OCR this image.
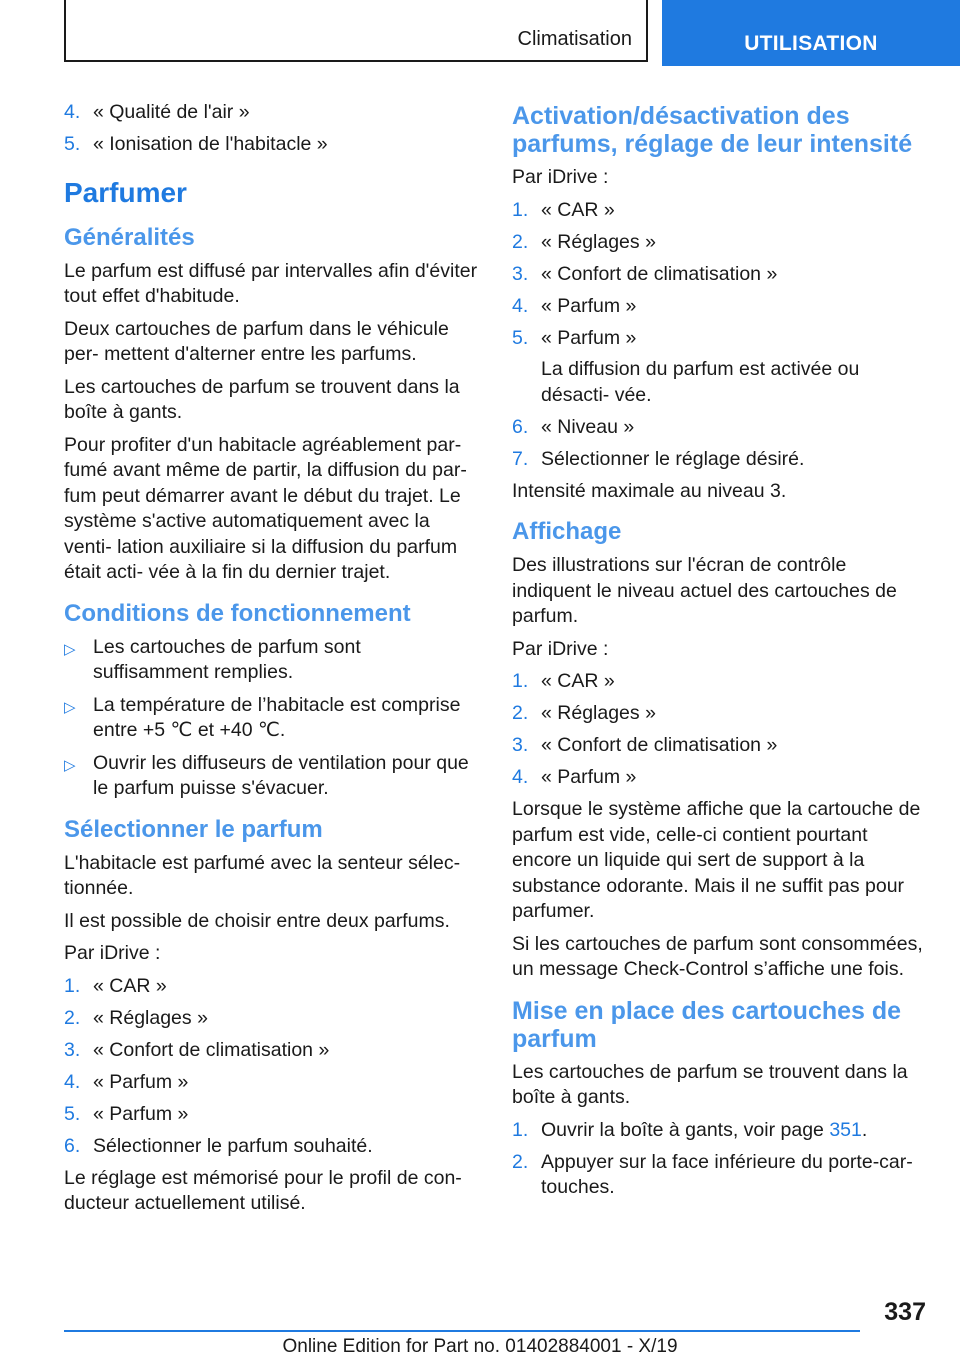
Climatisation	UTILISATION
4. « Qualité de l'air »
5. « Ionisation de l'habitacle »
Parfumer
Généralités

Le parfum est diffusé par intervalles afin d'éviter tout effet d'habitude.

Deux cartouches de parfum dans le véhicule per- mettent d'alterner entre les parfums.

Les cartouches de parfum se trouvent dans la boîte à gants.

Pour profiter d'un habitacle agréablement par- fumé avant même de partir, la diffusion du par- fum peut démarrer avant le début du trajet. Le système s'active automatiquement avec la venti- lation auxiliaire si la diffusion du parfum était acti- vée à la fin du dernier trajet.

Conditions de fonctionnement
▷ Les cartouches de parfum sont suffisamment remplies.
▷ La température de l’habitacle est comprise entre +5 ℃ et +40 ℃.
▷ Ouvrir les diffuseurs de ventilation pour que le parfum puisse s'évacuer.
Sélectionner le parfum

L'habitacle est parfumé avec la senteur sélec- tionnée.

Il est possible de choisir entre deux parfums.

Par iDrive :

1. « CAR »
2. « Réglages »
3. « Confort de climatisation »
4. « Parfum »
5. « Parfum »
6. Sélectionner le parfum souhaité.

Le réglage est mémorisé pour le profil de con- ducteur actuellement utilisé.

Activation/désactivation des parfums, réglage de leur intensité

Par iDrive :

1. « CAR »
2. « Réglages »
3. « Confort de climatisation »
4. « Parfum »
5. « Parfum »
La diffusion du parfum est activée ou désacti- vée.
6. « Niveau »
7. Sélectionner le réglage désiré.

Intensité maximale au niveau 3.

Affichage

Des illustrations sur l'écran de contrôle indiquent le niveau actuel des cartouches de parfum.

Par iDrive :

1. « CAR »
2. « Réglages »
3. « Confort de climatisation »
4. « Parfum »

Lorsque le système affiche que la cartouche de parfum est vide, celle-ci contient pourtant encore un liquide qui sert de support à la substance odorante. Mais il ne suffit pas pour parfumer.

Si les cartouches de parfum sont consommées, un message Check-Control s’affiche une fois.

Mise en place des cartouches de parfum

Les cartouches de parfum se trouvent dans la boîte à gants.

1. Ouvrir la boîte à gants, voir page 351.
2. Appuyer sur la face inférieure du porte-car- touches.
337
Online Edition for Part no. 01402884001 - X/19
